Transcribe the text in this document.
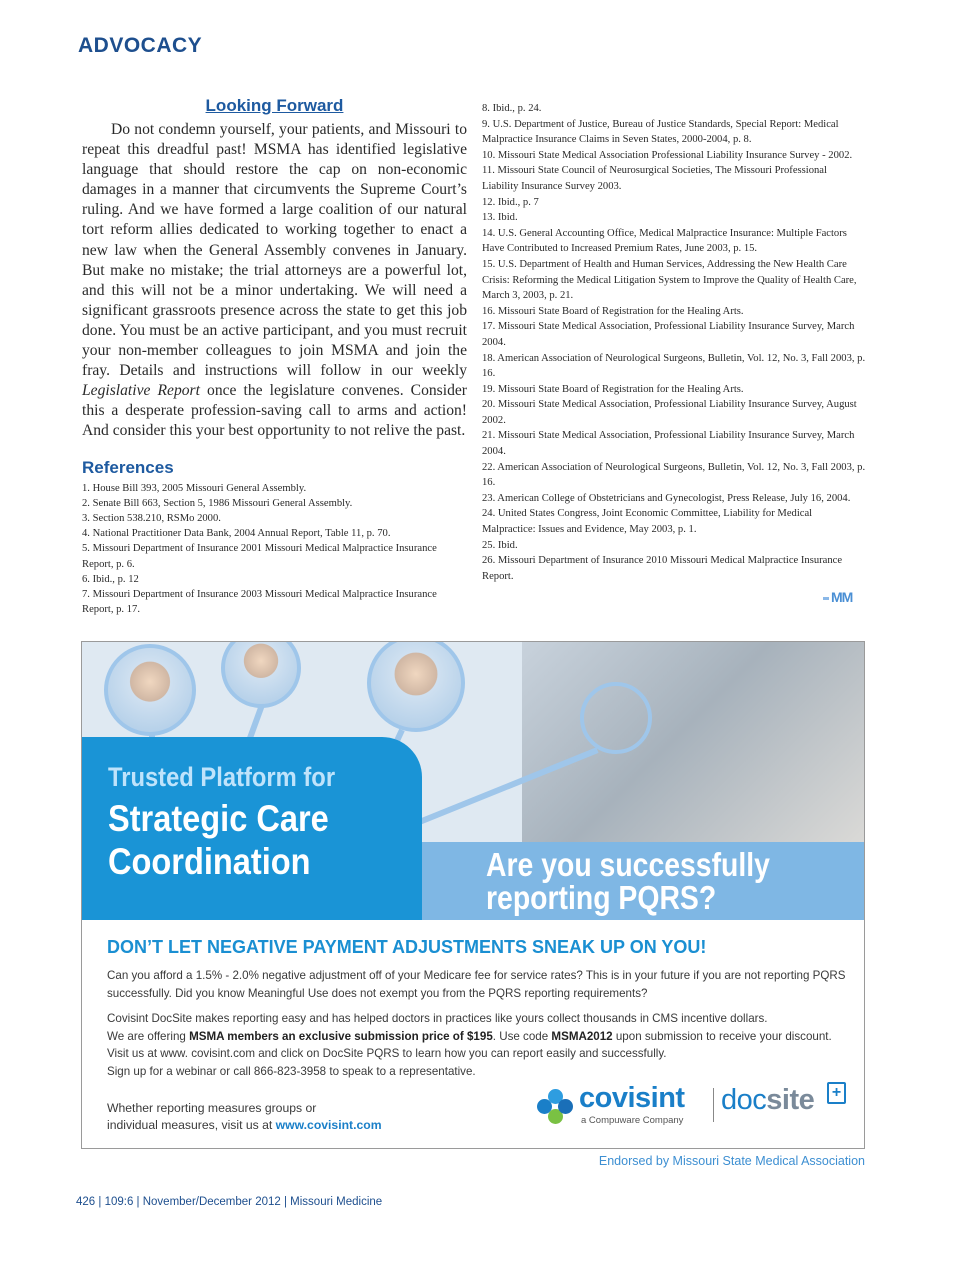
ADVOCACY
Looking Forward

Do not condemn yourself, your patients, and Missouri to repeat this dreadful past! MSMA has identified legislative language that should restore the cap on non-economic damages in a manner that circumvents the Supreme Court’s ruling. And we have formed a large coalition of our natural tort reform allies dedicated to working together to enact a new law when the General Assembly convenes in January. But make no mistake; the trial attorneys are a powerful lot, and this will not be a minor undertaking. We will need a significant grassroots presence across the state to get this job done. You must be an active participant, and you must recruit your non-member colleagues to join MSMA and join the fray. Details and instructions will follow in our weekly Legislative Report once the legislature convenes. Consider this a desperate profession-saving call to arms and action! And consider this your best opportunity to not relive the past.

References
1. House Bill 393, 2005 Missouri General Assembly.
2. Senate Bill 663, Section 5, 1986 Missouri General Assembly.
3. Section 538.210, RSMo 2000.
4. National Practitioner Data Bank, 2004 Annual Report, Table 11, p. 70.
5. Missouri Department of Insurance 2001 Missouri Medical Malpractice Insurance Report, p. 6.
6. Ibid., p. 12
7. Missouri Department of Insurance 2003 Missouri Medical Malpractice Insurance Report, p. 17.
8. Ibid., p. 24.
9. U.S. Department of Justice, Bureau of Justice Standards, Special Report: Medical Malpractice Insurance Claims in Seven States, 2000-2004, p. 8.
10. Missouri State Medical Association Professional Liability Insurance Survey - 2002.
11. Missouri State Council of Neurosurgical Societies, The Missouri Professional Liability Insurance Survey 2003.
12. Ibid., p. 7
13. Ibid.
14. U.S. General Accounting Office, Medical Malpractice Insurance: Multiple Factors Have Contributed to Increased Premium Rates, June 2003, p. 15.
15. U.S. Department of Health and Human Services, Addressing the New Health Care Crisis: Reforming the Medical Litigation System to Improve the Quality of Health Care, March 3, 2003, p. 21.
16. Missouri State Board of Registration for the Healing Arts.
17. Missouri State Medical Association, Professional Liability Insurance Survey, March 2004.
18. American Association of Neurological Surgeons, Bulletin, Vol. 12, No. 3, Fall 2003, p. 16.
19. Missouri State Board of Registration for the Healing Arts.
20. Missouri State Medical Association, Professional Liability Insurance Survey, August 2002.
21. Missouri State Medical Association, Professional Liability Insurance Survey, March 2004.
22. American Association of Neurological Surgeons, Bulletin, Vol. 12, No. 3, Fall 2003, p. 16.
23. American College of Obstetricians and Gynecologist, Press Release, July 16, 2004.
24. United States Congress, Joint Economic Committee, Liability for Medical Malpractice: Issues and Evidence, May 2003, p. 1.
25. Ibid.
26. Missouri Department of Insurance 2010 Missouri Medical Malpractice Insurance Report.
MM
Trusted Platform for
Strategic Care
Coordination	Are you successfully
reporting PQRS?
DON’T LET NEGATIVE PAYMENT ADJUSTMENTS SNEAK UP ON YOU!

Can you afford a 1.5% - 2.0% negative adjustment off of your Medicare fee for service rates? This is in your future if you are not reporting PQRS successfully. Did you know Meaningful Use does not exempt you from the PQRS reporting requirements?

Covisint DocSite makes reporting easy and has helped doctors in practices like yours collect thousands in CMS incentive dollars.
We are offering MSMA members an exclusive submission price of $195. Use code MSMA2012 upon submission to receive your discount.
Visit us at www. covisint.com and click on DocSite PQRS to learn how you can report easily and successfully.
Sign up for a webinar or call 866-823-3958 to speak to a representative.
Whether reporting measures groups or
individual measures, visit us at www.covisint.com
covisint
a Compuware Company
docsite	+
Endorsed by Missouri State Medical Association
426 | 109:6 | November/December 2012 | Missouri Medicine
